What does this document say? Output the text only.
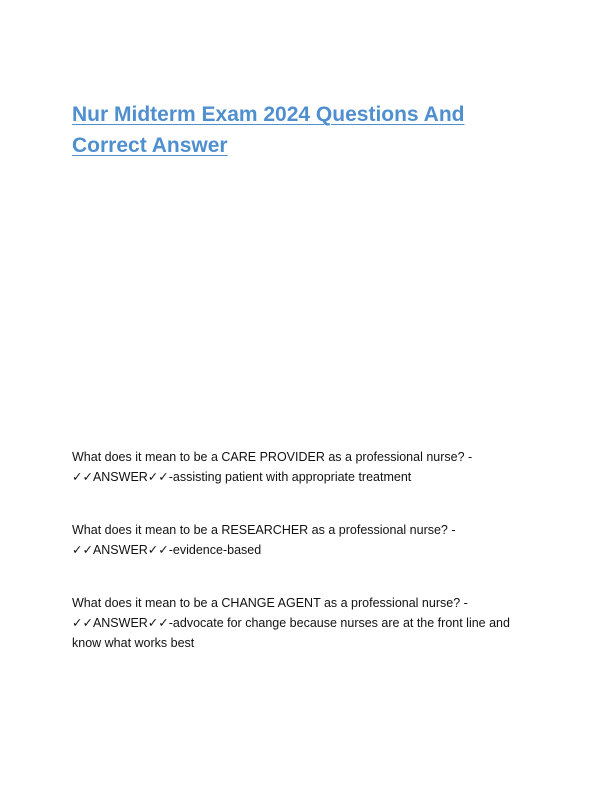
Nur Midterm Exam 2024 Questions And Correct Answer
What does it mean to be a CARE PROVIDER as a professional nurse? -
✓✓ANSWER✓✓-assisting patient with appropriate treatment
What does it mean to be a RESEARCHER as a professional nurse? -
✓✓ANSWER✓✓-evidence-based
What does it mean to be a CHANGE AGENT as a professional nurse? -
✓✓ANSWER✓✓-advocate for change because nurses are at the front line and know what works best
